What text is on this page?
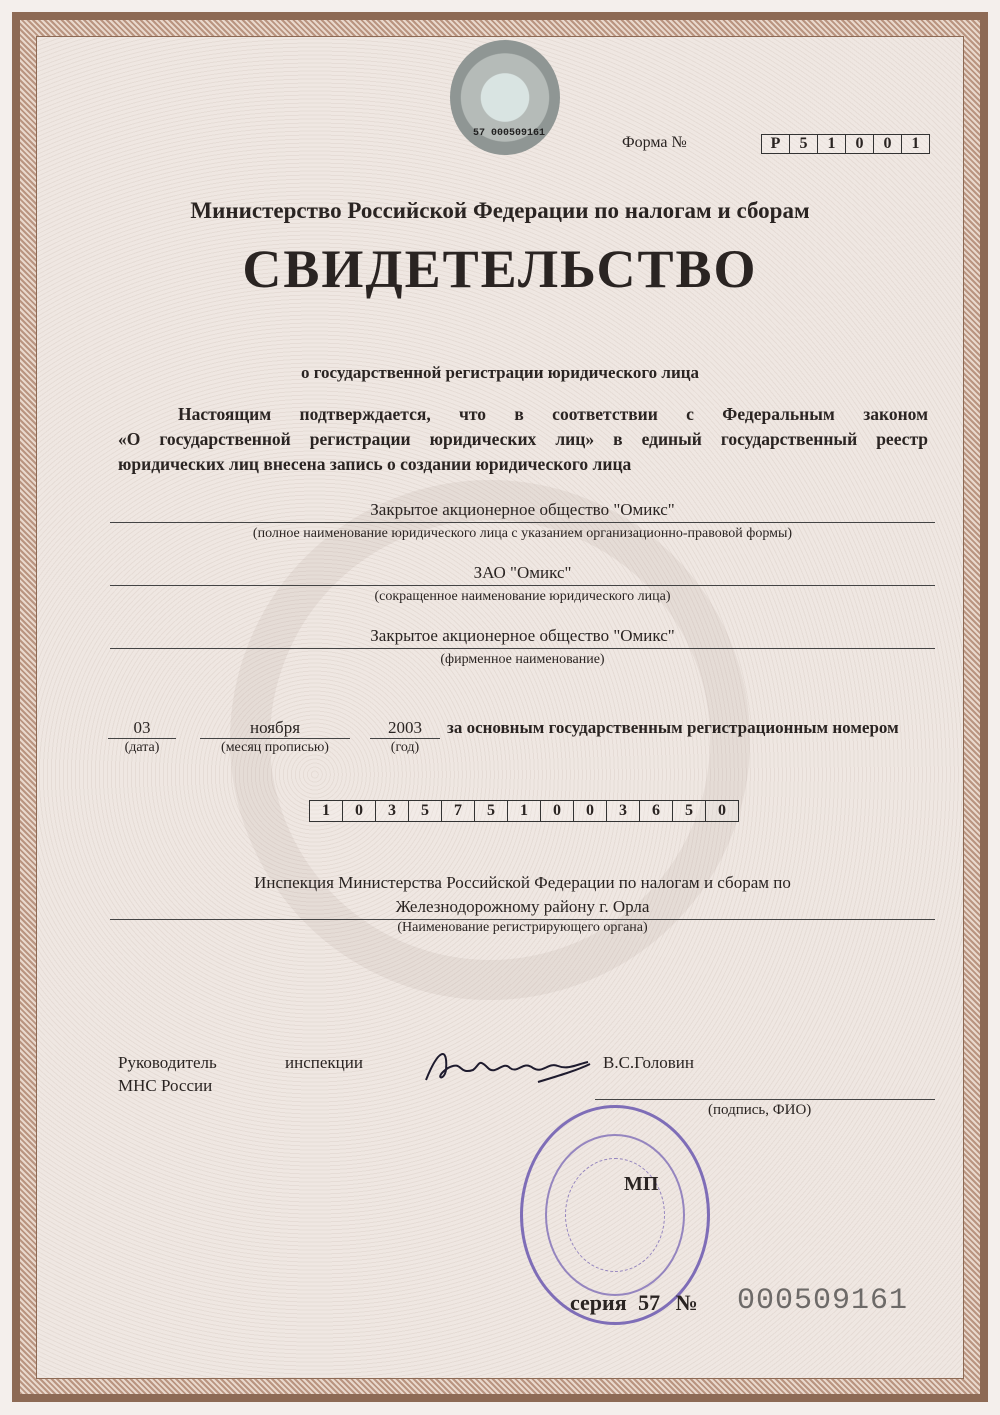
57 000509161
Форма №	Р	5	1	0	0	1
Министерство Российской Федерации по налогам и сборам
СВИДЕТЕЛЬСТВО
о государственной регистрации юридического лица
Настоящим подтверждается, что в соответствии с Федеральным законом
«О государственной регистрации юридических лиц» в единый государственный реестр
юридических лиц внесена запись о создании юридического лица
Закрытое акционерное общество "Омикс"
(полное наименование юридического лица с указанием организационно-правовой формы)
ЗАО "Омикс"
(сокращенное наименование юридического лица)
Закрытое акционерное общество "Омикс"
(фирменное наименование)
03
(дата)
ноября
(месяц прописью)
2003
(год)
за основным государственным регистрационным номером
1	0	3	5	7	5	1	0	0	3	6	5	0
Инспекция Министерства Российской Федерации по налогам и сборам по
Железнодорожному району г. Орла
(Наименование регистрирующего органа)
Руководитель	инспекции
МНС России
В.С.Головин
(подпись, ФИО)
МП
серия 57 № 000509161
